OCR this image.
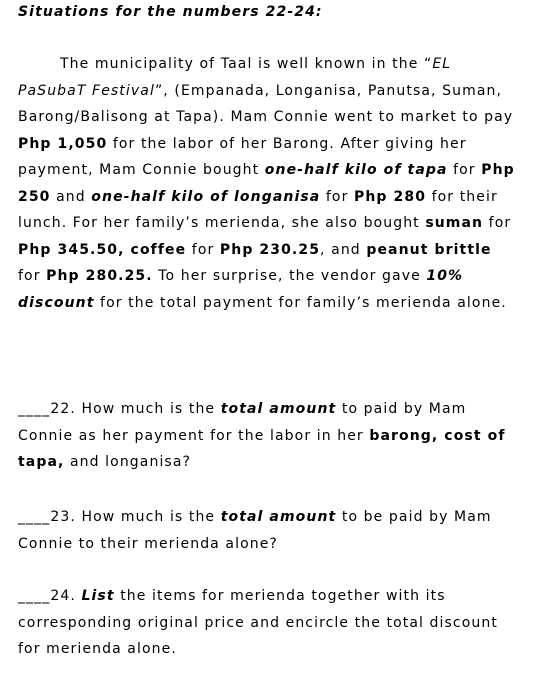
Situations for the numbers 22-24:

The municipality of Taal is well known in the “EL PaSubaT Festival”, (Empanada, Longanisa, Panutsa, Suman, Barong/Balisong at Tapa). Mam Connie went to market to pay Php 1,050 for the labor of her Barong. After giving her payment, Mam Connie bought one-half kilo of tapa for Php 250 and one-half kilo of longanisa for Php 280 for their lunch. For her family’s merienda, she also bought suman for Php 345.50, coffee for Php 230.25, and peanut brittle for Php 280.25. To her surprise, the vendor gave 10% discount for the total payment for family’s merienda alone.

____22. How much is the total amount to paid by Mam Connie as her payment for the labor in her barong, cost of tapa, and longanisa?

____23. How much is the total amount to be paid by Mam Connie to their merienda alone?

____24. List the items for merienda together with its corresponding original price and encircle the total discount for merienda alone.
